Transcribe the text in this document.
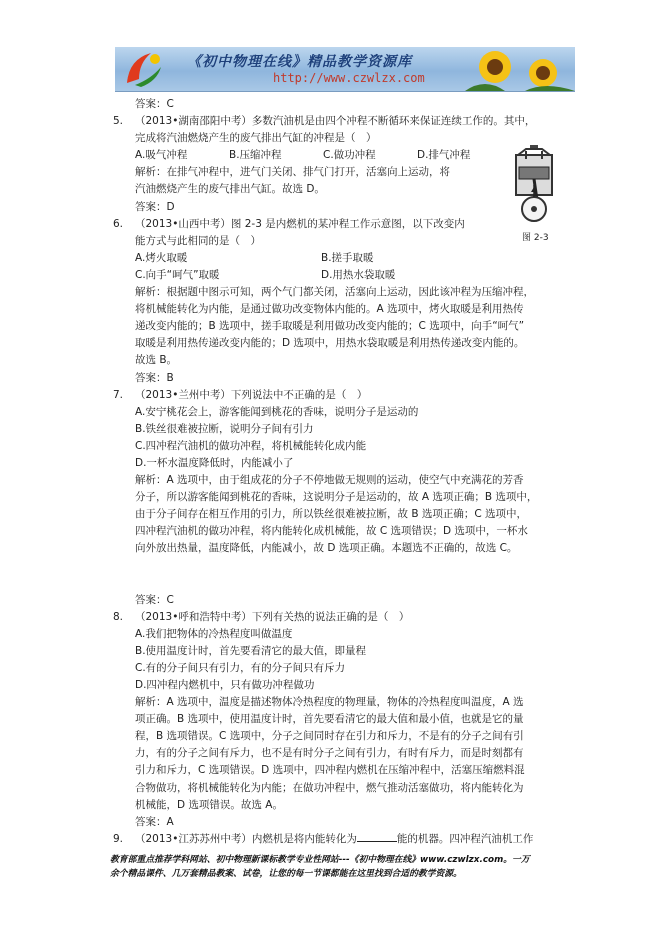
《初中物理在线》精品教学资源库
http://www.czwlzx.com
答案：C
5. （2013•湖南邵阳中考）多数汽油机是由四个冲程不断循环来保证连续工作的。其中，
完成将汽油燃烧产生的废气排出气缸的冲程是（　）
A.吸气冲程	B.压缩冲程	C.做功冲程	D.排气冲程
解析：在排气冲程中，进气门关闭、排气门打开，活塞向上运动，将
汽油燃烧产生的废气排出气缸。故选 D。
答案：D
6. （2013•山西中考）图 2-3 是内燃机的某冲程工作示意图，以下改变内
能方式与此相同的是（　）
A.烤火取暖	B.搓手取暖
C.向手“呵气”取暖	D.用热水袋取暖
解析：根据题中图示可知，两个气门都关闭，活塞向上运动，因此该冲程为压缩冲程，
将机械能转化为内能，是通过做功改变物体内能的。A 选项中，烤火取暖是利用热传
递改变内能的；B 选项中，搓手取暖是利用做功改变内能的；C 选项中，向手“呵气”
取暖是利用热传递改变内能的；D 选项中，用热水袋取暖是利用热传递改变内能的。
故选 B。
答案：B
7. （2013•兰州中考）下列说法中不正确的是（　）
A.安宁桃花会上，游客能闻到桃花的香味，说明分子是运动的
B.铁丝很难被拉断，说明分子间有引力
C.四冲程汽油机的做功冲程，将机械能转化成内能
D.一杯水温度降低时，内能减小了
解析：A 选项中，由于组成花的分子不停地做无规则的运动，使空气中充满花的芳香
分子，所以游客能闻到桃花的香味，这说明分子是运动的，故 A 选项正确；B 选项中，
由于分子间存在相互作用的引力，所以铁丝很难被拉断，故 B 选项正确；C 选项中，
四冲程汽油机的做功冲程，将内能转化成机械能，故 C 选项错误；D 选项中，一杯水
向外放出热量，温度降低，内能减小，故 D 选项正确。本题选不正确的，故选 C。
答案：C
8. （2013•呼和浩特中考）下列有关热的说法正确的是（　）
A.我们把物体的冷热程度叫做温度
B.使用温度计时，首先要看清它的最大值，即量程
C.有的分子间只有引力，有的分子间只有斥力
D.四冲程内燃机中，只有做功冲程做功
解析：A 选项中，温度是描述物体冷热程度的物理量，物体的冷热程度叫温度，A 选
项正确。B 选项中，使用温度计时，首先要看清它的最大值和最小值，也就是它的量
程，B 选项错误。C 选项中，分子之间同时存在引力和斥力，不是有的分子之间有引
力，有的分子之间有斥力，也不是有时分子之间有引力，有时有斥力，而是时刻都有
引力和斥力，C 选项错误。D 选项中，四冲程内燃机在压缩冲程中，活塞压缩燃料混
合物做功，将机械能转化为内能；在做功冲程中，燃气推动活塞做功，将内能转化为
机械能，D 选项错误。故选 A。
答案：A
9. （2013•江苏苏州中考）内燃机是将内能转化为	能的机器。四冲程汽油机工作
图 2-3
教育部重点推荐学科网站、初中物理新课标教学专业性网站---《初中物理在线》www.czwlzx.com。一万
余个精品课件、几万套精品教案、试卷，让您的每一节课都能在这里找到合适的教学资源。
